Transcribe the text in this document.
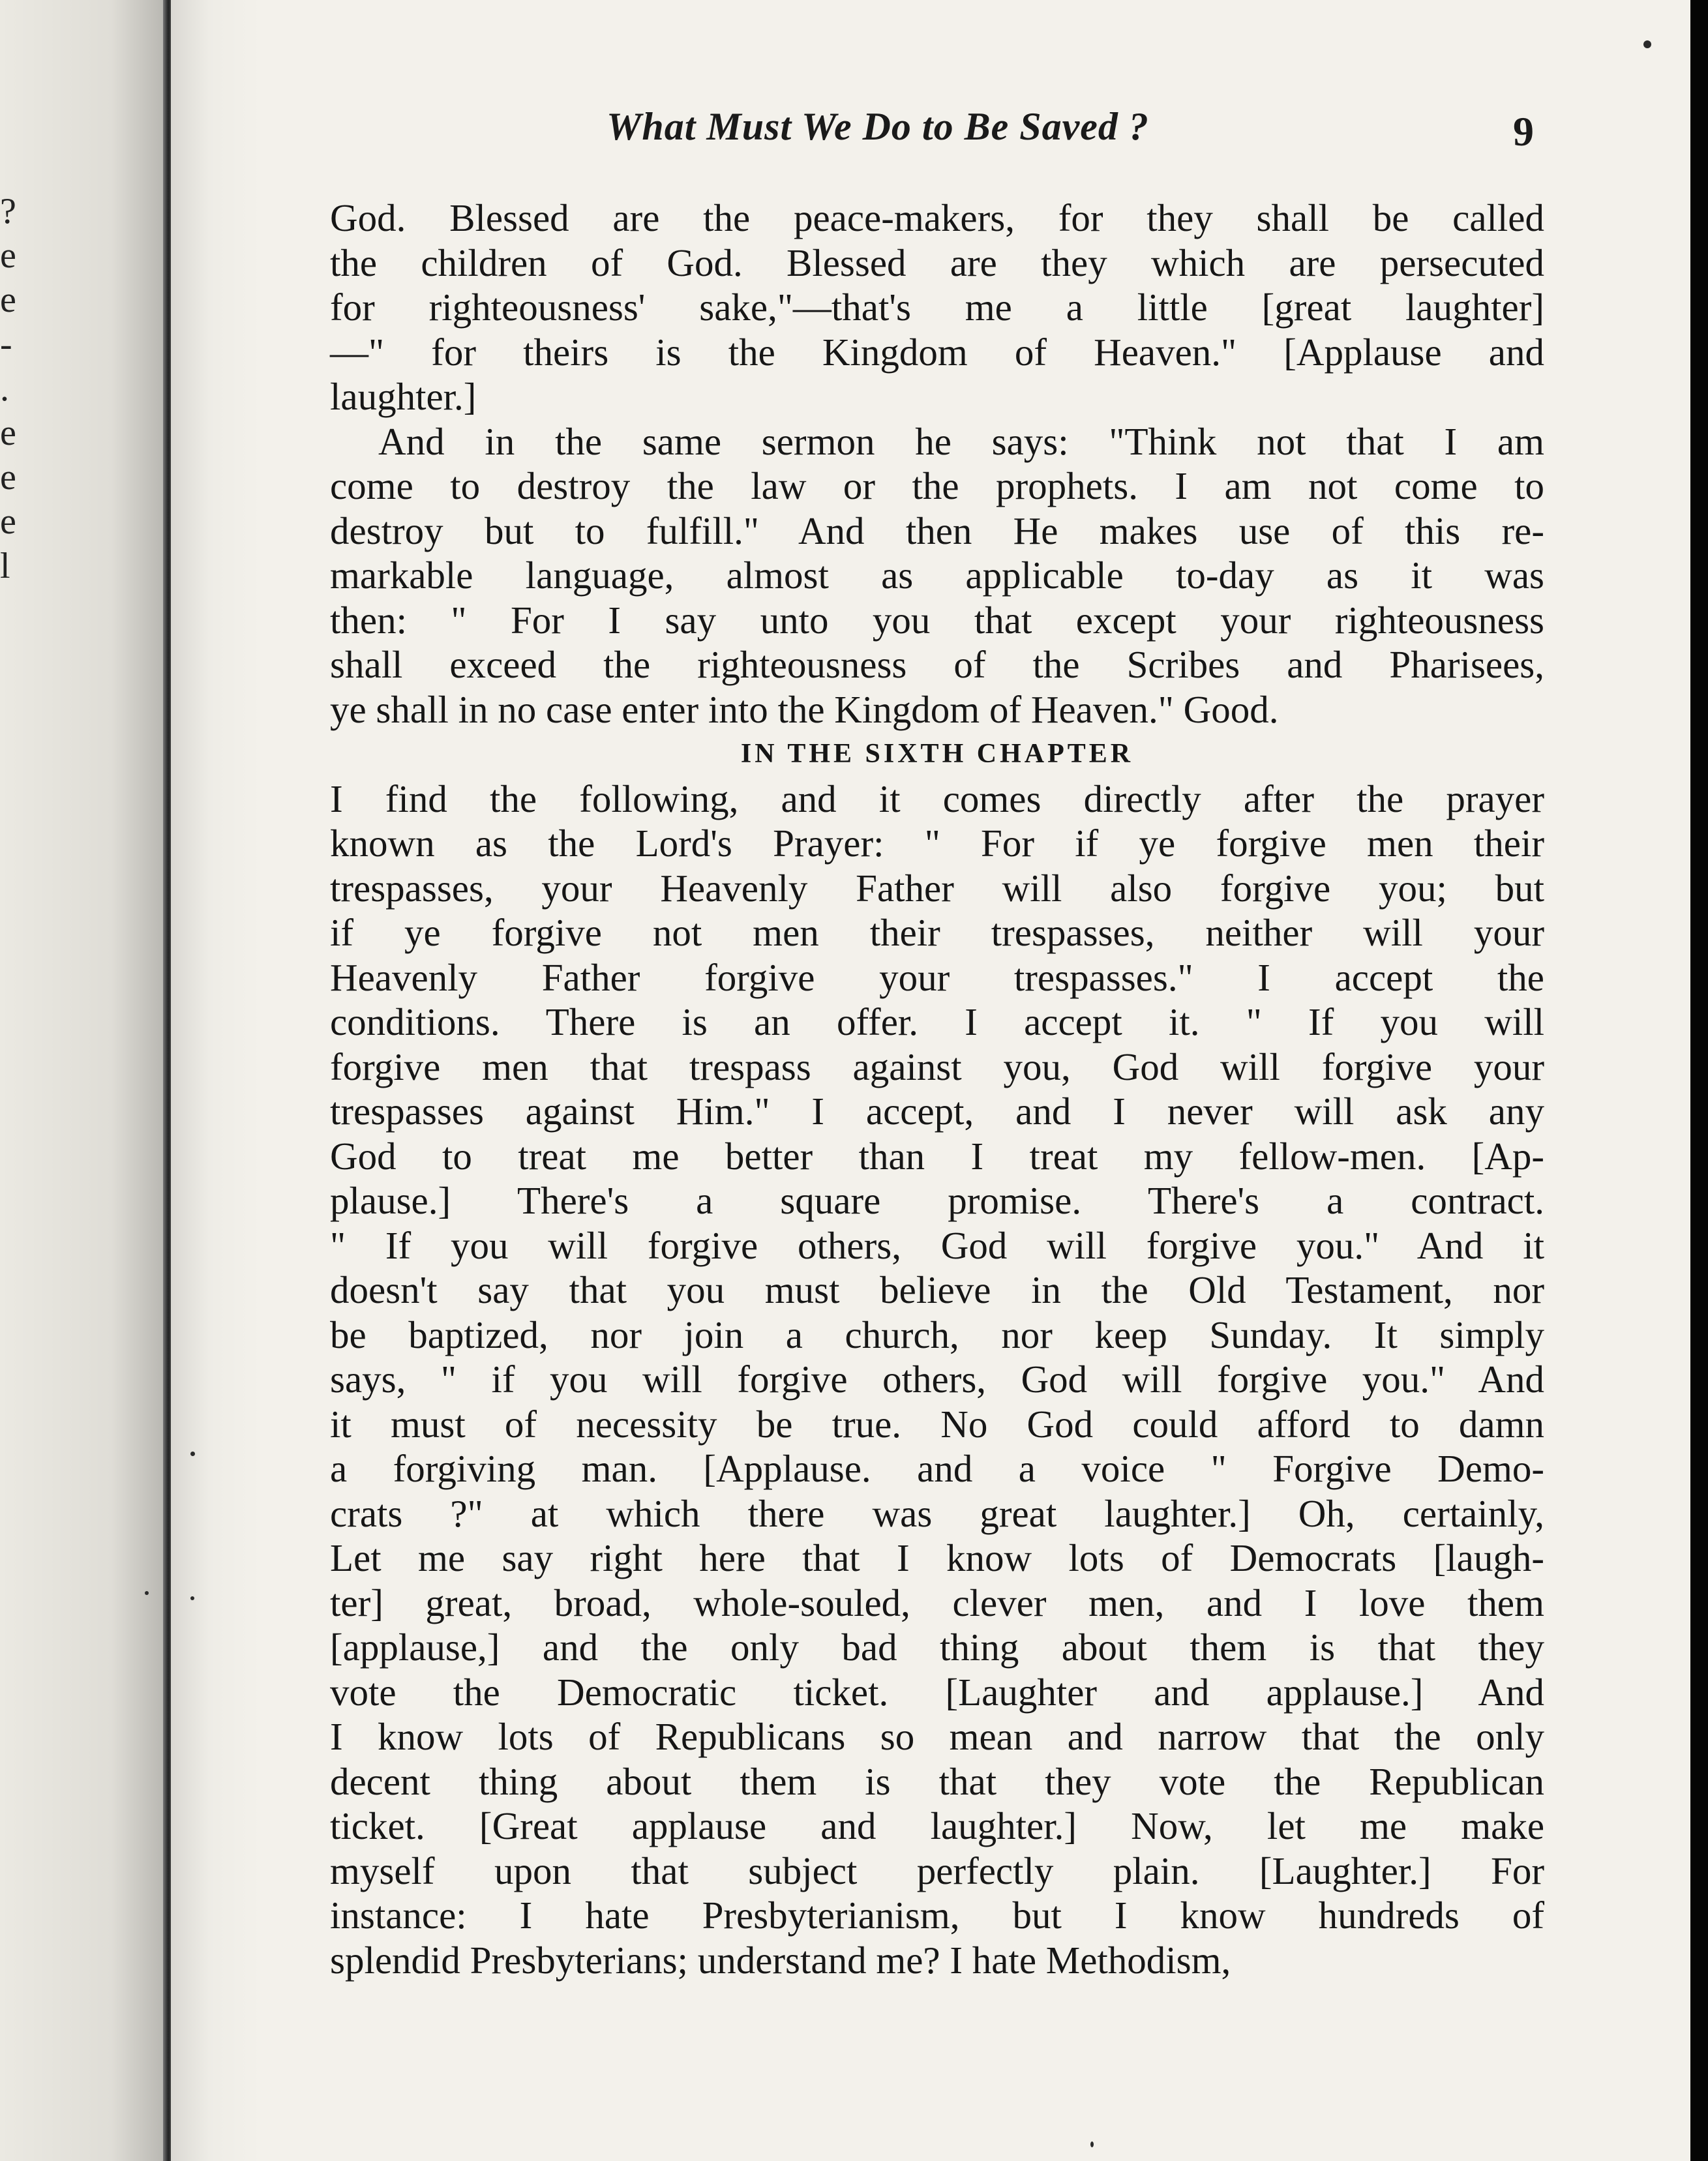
?
e
e
-
.
e
e
e
l
What Must We Do to Be Saved ?	9
God. Blessed are the peace-makers, for they shall be called
the children of God. Blessed are they which are persecuted
for righteousness' sake,"—that's me a little [great laughter]
—" for theirs is the Kingdom of Heaven." [Applause and
laughter.]
And in the same sermon he says: "Think not that I am
come to destroy the law or the prophets. I am not come to
destroy but to fulfill." And then He makes use of this re-
markable language, almost as applicable to-day as it was
then: " For I say unto you that except your righteousness
shall exceed the righteousness of the Scribes and Pharisees,
ye shall in no case enter into the Kingdom of Heaven." Good.
IN THE SIXTH CHAPTER
I find the following, and it comes directly after the prayer
known as the Lord's Prayer: " For if ye forgive men their
trespasses, your Heavenly Father will also forgive you; but
if ye forgive not men their trespasses, neither will your
Heavenly Father forgive your trespasses." I accept the
conditions. There is an offer. I accept it. " If you will
forgive men that trespass against you, God will forgive your
trespasses against Him." I accept, and I never will ask any
God to treat me better than I treat my fellow-men. [Ap-
plause.] There's a square promise. There's a contract.
" If you will forgive others, God will forgive you." And it
doesn't say that you must believe in the Old Testament, nor
be baptized, nor join a church, nor keep Sunday. It simply
says, " if you will forgive others, God will forgive you." And
it must of necessity be true. No God could afford to damn
a forgiving man. [Applause. and a voice " Forgive Demo-
crats ?" at which there was great laughter.] Oh, certainly,
Let me say right here that I know lots of Democrats [laugh-
ter] great, broad, whole-souled, clever men, and I love them
[applause,] and the only bad thing about them is that they
vote the Democratic ticket. [Laughter and applause.] And
I know lots of Republicans so mean and narrow that the only
decent thing about them is that they vote the Republican
ticket. [Great applause and laughter.] Now, let me make
myself upon that subject perfectly plain. [Laughter.] For
instance: I hate Presbyterianism, but I know hundreds of
splendid Presbyterians; understand me? I hate Methodism,
